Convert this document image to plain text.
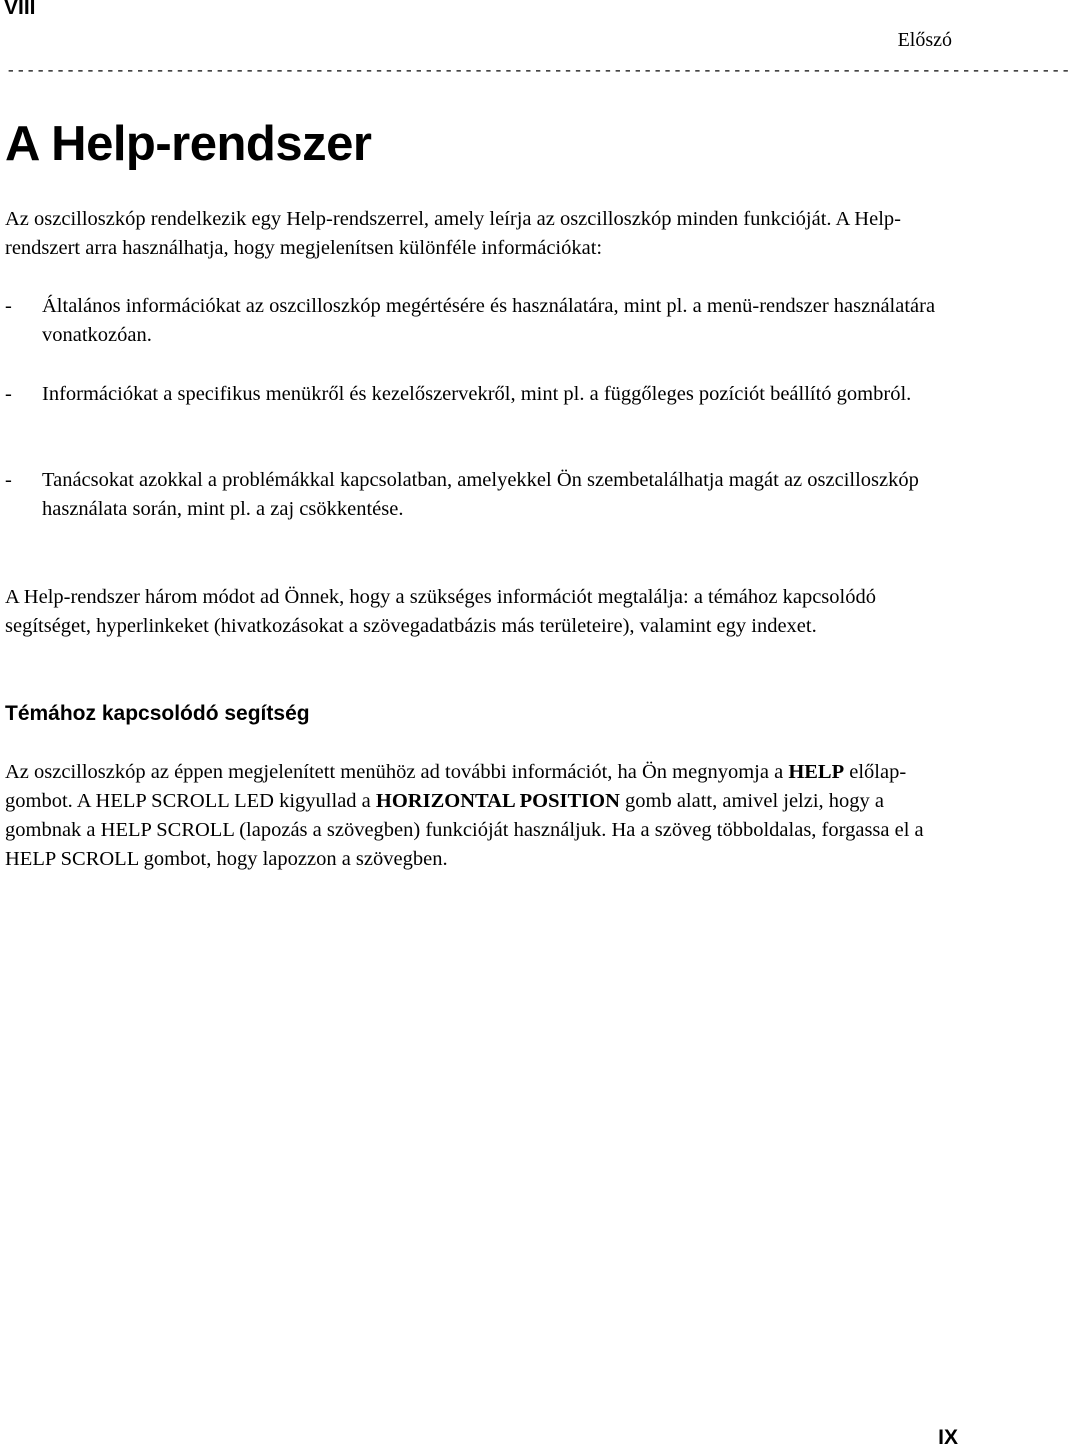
VIII
Előszó
-----------------------------------------------------------------------------------------------------------
A Help-rendszer

Az oszcilloszkóp rendelkezik egy Help-rendszerrel, amely leírja az oszcilloszkóp minden funkcióját. A Help-rendszert arra használhatja, hogy megjelenítsen különféle információkat:

- Általános információkat az oszcilloszkóp megértésére és használatára, mint pl. a menü-rendszer használatára vonatkozóan.
- Információkat a specifikus menükről és kezelőszervekről, mint pl. a függőleges pozíciót beállító gombról.
- Tanácsokat azokkal a problémákkal kapcsolatban, amelyekkel Ön szembetalálhatja magát az oszcilloszkóp használata során, mint pl. a zaj csökkentése.

A Help-rendszer három módot ad Önnek, hogy a szükséges információt megtalálja: a témához kapcsolódó segítséget, hyperlinkeket (hivatkozásokat a szövegadatbázis más területeire), valamint egy indexet.

Témához kapcsolódó segítség

Az oszcilloszkóp az éppen megjelenített menühöz ad további információt, ha Ön megnyomja a HELP előlap-gombot. A HELP SCROLL LED kigyullad a HORIZONTAL POSITION gomb alatt, amivel jelzi, hogy a gombnak a HELP SCROLL (lapozás a szövegben) funkcióját használjuk. Ha a szöveg többoldalas, forgassa el a HELP SCROLL gombot, hogy lapozzon a szövegben.

IX
